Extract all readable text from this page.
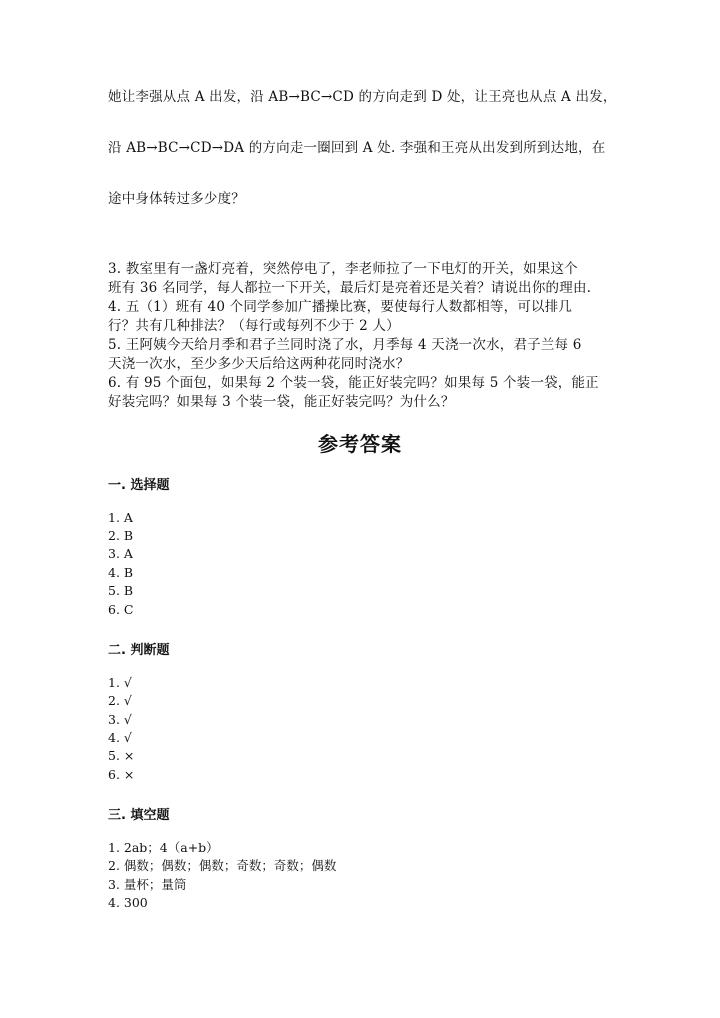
她让李强从点 A 出发，沿 AB→BC→CD 的方向走到 D 处，让王亮也从点 A 出发，
沿 AB→BC→CD→DA 的方向走一圈回到 A 处. 李强和王亮从出发到所到达地，在
途中身体转过多少度？
3. 教室里有一盏灯亮着，突然停电了，李老师拉了一下电灯的开关，如果这个
班有 36 名同学，每人都拉一下开关，最后灯是亮着还是关着？请说出你的理由.
4. 五（1）班有 40 个同学参加广播操比赛，要使每行人数都相等，可以排几
行？共有几种排法？（每行或每列不少于 2 人）
5. 王阿姨今天给月季和君子兰同时浇了水，月季每 4 天浇一次水，君子兰每 6
天浇一次水，至少多少天后给这两种花同时浇水？
6. 有 95 个面包，如果每 2 个装一袋，能正好装完吗？如果每 5 个装一袋，能正
好装完吗？如果每 3 个装一袋，能正好装完吗？为什么？
参考答案
一. 选择题
1. A
2. B
3. A
4. B
5. B
6. C
二. 判断题
1. √
2. √
3. √
4. √
5. ×
6. ×
三. 填空题
1. 2ab；4（a+b）
2. 偶数；偶数；偶数；奇数；奇数；偶数
3. 量杯；量筒
4. 300
